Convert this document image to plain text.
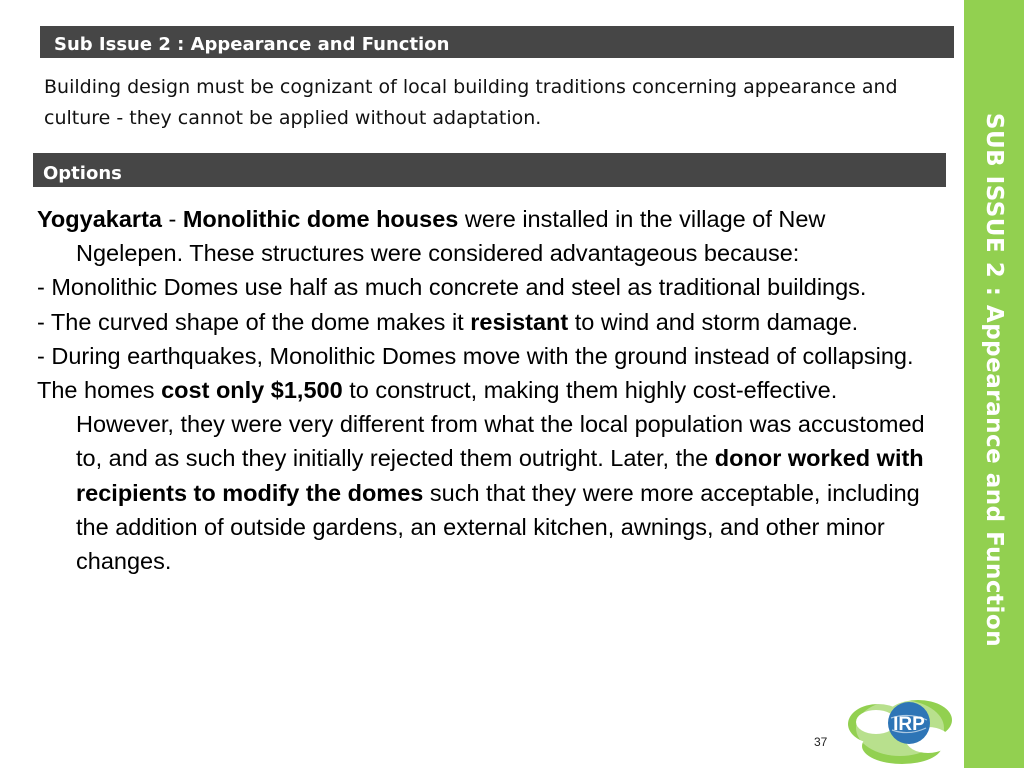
Sub Issue 2 : Appearance and Function
Building design must be cognizant of local building traditions concerning appearance and culture - they cannot be applied without adaptation.
Options

Yogyakarta - Monolithic dome houses were installed in the village of New Ngelepen. These structures were considered advantageous because:

- Monolithic Domes use half as much concrete and steel as traditional buildings.

- The curved shape of the dome makes it resistant to wind and storm damage.

- During earthquakes, Monolithic Domes move with the ground instead of collapsing.

The homes cost only $1,500 to construct, making them highly cost-effective. However, they were very different from what the local population was accustomed to, and as such they initially rejected them outright. Later, the donor worked with recipients to modify the domes such that they were more acceptable, including the addition of outside gardens, an external kitchen, awnings, and other minor changes.	SUB ISSUE 2 : Appearance and Function
37
IRP
